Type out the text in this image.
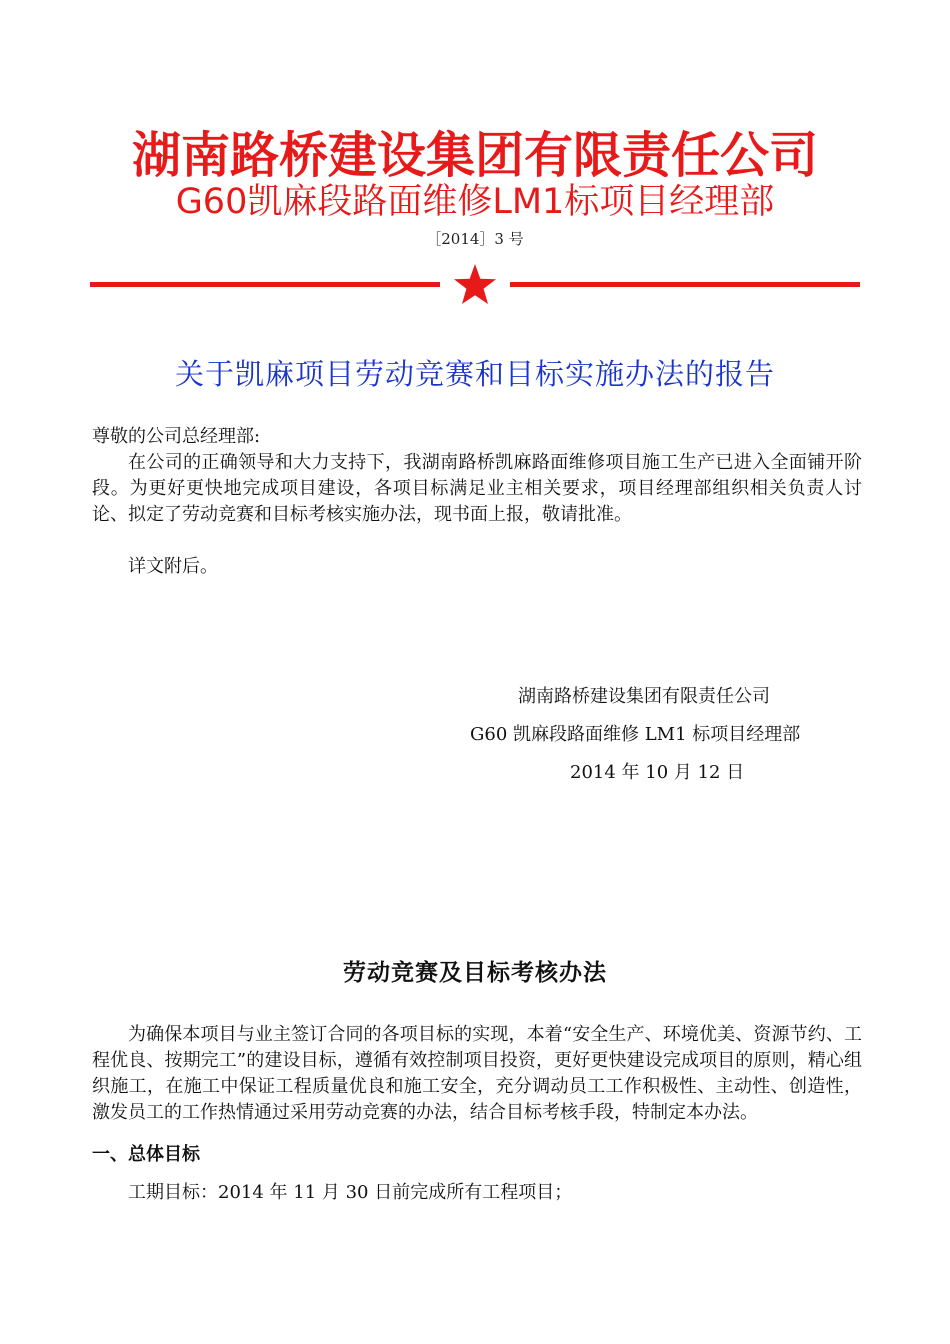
湖南路桥建设集团有限责任公司
G60凯麻段路面维修LM1标项目经理部
［2014］3 号
关于凯麻项目劳动竞赛和目标实施办法的报告
尊敬的公司总经理部:
在公司的正确领导和大力支持下，我湖南路桥凯麻路面维修项目施工生产已进入全面铺开阶段。为更好更快地完成项目建设，各项目标满足业主相关要求，项目经理部组织相关负责人讨论、拟定了劳动竞赛和目标考核实施办法，现书面上报，敬请批准。
详文附后。
湖南路桥建设集团有限责任公司
G60 凯麻段路面维修 LM1 标项目经理部
2014 年 10 月 12 日
劳动竞赛及目标考核办法
为确保本项目与业主签订合同的各项目标的实现，本着“安全生产、环境优美、资源节约、工程优良、按期完工”的建设目标，遵循有效控制项目投资，更好更快建设完成项目的原则，精心组织施工，在施工中保证工程质量优良和施工安全，充分调动员工工作积极性、主动性、创造性，激发员工的工作热情通过采用劳动竞赛的办法，结合目标考核手段，特制定本办法。
一、总体目标
工期目标：2014 年 11 月 30 日前完成所有工程项目；
